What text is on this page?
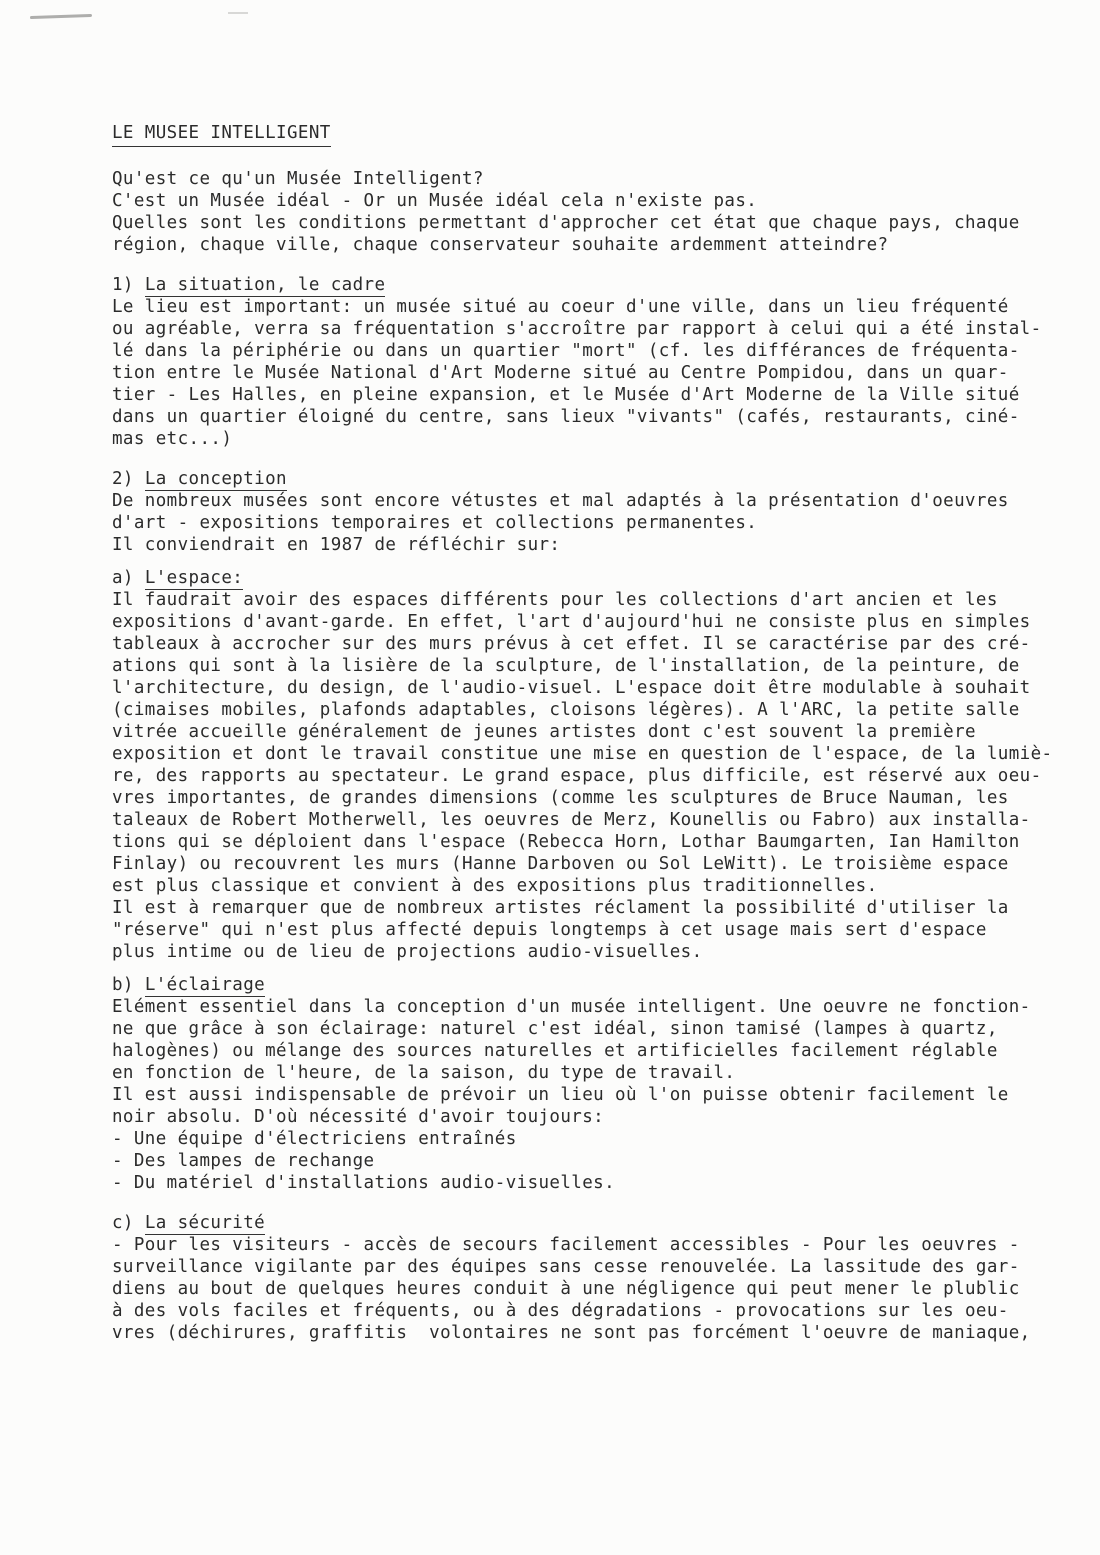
LE MUSEE INTELLIGENT
Qu'est ce qu'un Musée Intelligent?
C'est un Musée idéal - Or un Musée idéal cela n'existe pas.
Quelles sont les conditions permettant d'approcher cet état que chaque pays, chaque
région, chaque ville, chaque conservateur souhaite ardemment atteindre?
1) La situation, le cadre
Le lieu est important: un musée situé au coeur d'une ville, dans un lieu fréquenté
ou agréable, verra sa fréquentation s'accroître par rapport à celui qui a été instal-
lé dans la périphérie ou dans un quartier "mort" (cf. les différances de fréquenta-
tion entre le Musée National d'Art Moderne situé au Centre Pompidou, dans un quar-
tier - Les Halles, en pleine expansion, et le Musée d'Art Moderne de la Ville situé
dans un quartier éloigné du centre, sans lieux "vivants" (cafés, restaurants, ciné-
mas etc...)
2) La conception
De nombreux musées sont encore vétustes et mal adaptés à la présentation d'oeuvres
d'art - expositions temporaires et collections permanentes.
Il conviendrait en 1987 de réfléchir sur:
a) L'espace:
Il faudrait avoir des espaces différents pour les collections d'art ancien et les
expositions d'avant-garde. En effet, l'art d'aujourd'hui ne consiste plus en simples
tableaux à accrocher sur des murs prévus à cet effet. Il se caractérise par des cré-
ations qui sont à la lisière de la sculpture, de l'installation, de la peinture, de
l'architecture, du design, de l'audio-visuel. L'espace doit être modulable à souhait
(cimaises mobiles, plafonds adaptables, cloisons légères). A l'ARC, la petite salle
vitrée accueille généralement de jeunes artistes dont c'est souvent la première
exposition et dont le travail constitue une mise en question de l'espace, de la lumiè-
re, des rapports au spectateur. Le grand espace, plus difficile, est réservé aux oeu-
vres importantes, de grandes dimensions (comme les sculptures de Bruce Nauman, les
taleaux de Robert Motherwell, les oeuvres de Merz, Kounellis ou Fabro) aux installa-
tions qui se déploient dans l'espace (Rebecca Horn, Lothar Baumgarten, Ian Hamilton
Finlay) ou recouvrent les murs (Hanne Darboven ou Sol LeWitt). Le troisième espace
est plus classique et convient à des expositions plus traditionnelles.
Il est à remarquer que de nombreux artistes réclament la possibilité d'utiliser la
"réserve" qui n'est plus affecté depuis longtemps à cet usage mais sert d'espace
plus intime ou de lieu de projections audio-visuelles.
b) L'éclairage
Elément essentiel dans la conception d'un musée intelligent. Une oeuvre ne fonction-
ne que grâce à son éclairage: naturel c'est idéal, sinon tamisé (lampes à quartz,
halogènes) ou mélange des sources naturelles et artificielles facilement réglable
en fonction de l'heure, de la saison, du type de travail.
Il est aussi indispensable de prévoir un lieu où l'on puisse obtenir facilement le
noir absolu. D'où nécessité d'avoir toujours:
- Une équipe d'électriciens entraînés
- Des lampes de rechange
- Du matériel d'installations audio-visuelles.
c) La sécurité
- Pour les visiteurs - accès de secours facilement accessibles - Pour les oeuvres -
surveillance vigilante par des équipes sans cesse renouvelée. La lassitude des gar-
diens au bout de quelques heures conduit à une négligence qui peut mener le plublic
à des vols faciles et fréquents, ou à des dégradations - provocations sur les oeu-
vres (déchirures, graffitis  volontaires ne sont pas forcément l'oeuvre de maniaque,
